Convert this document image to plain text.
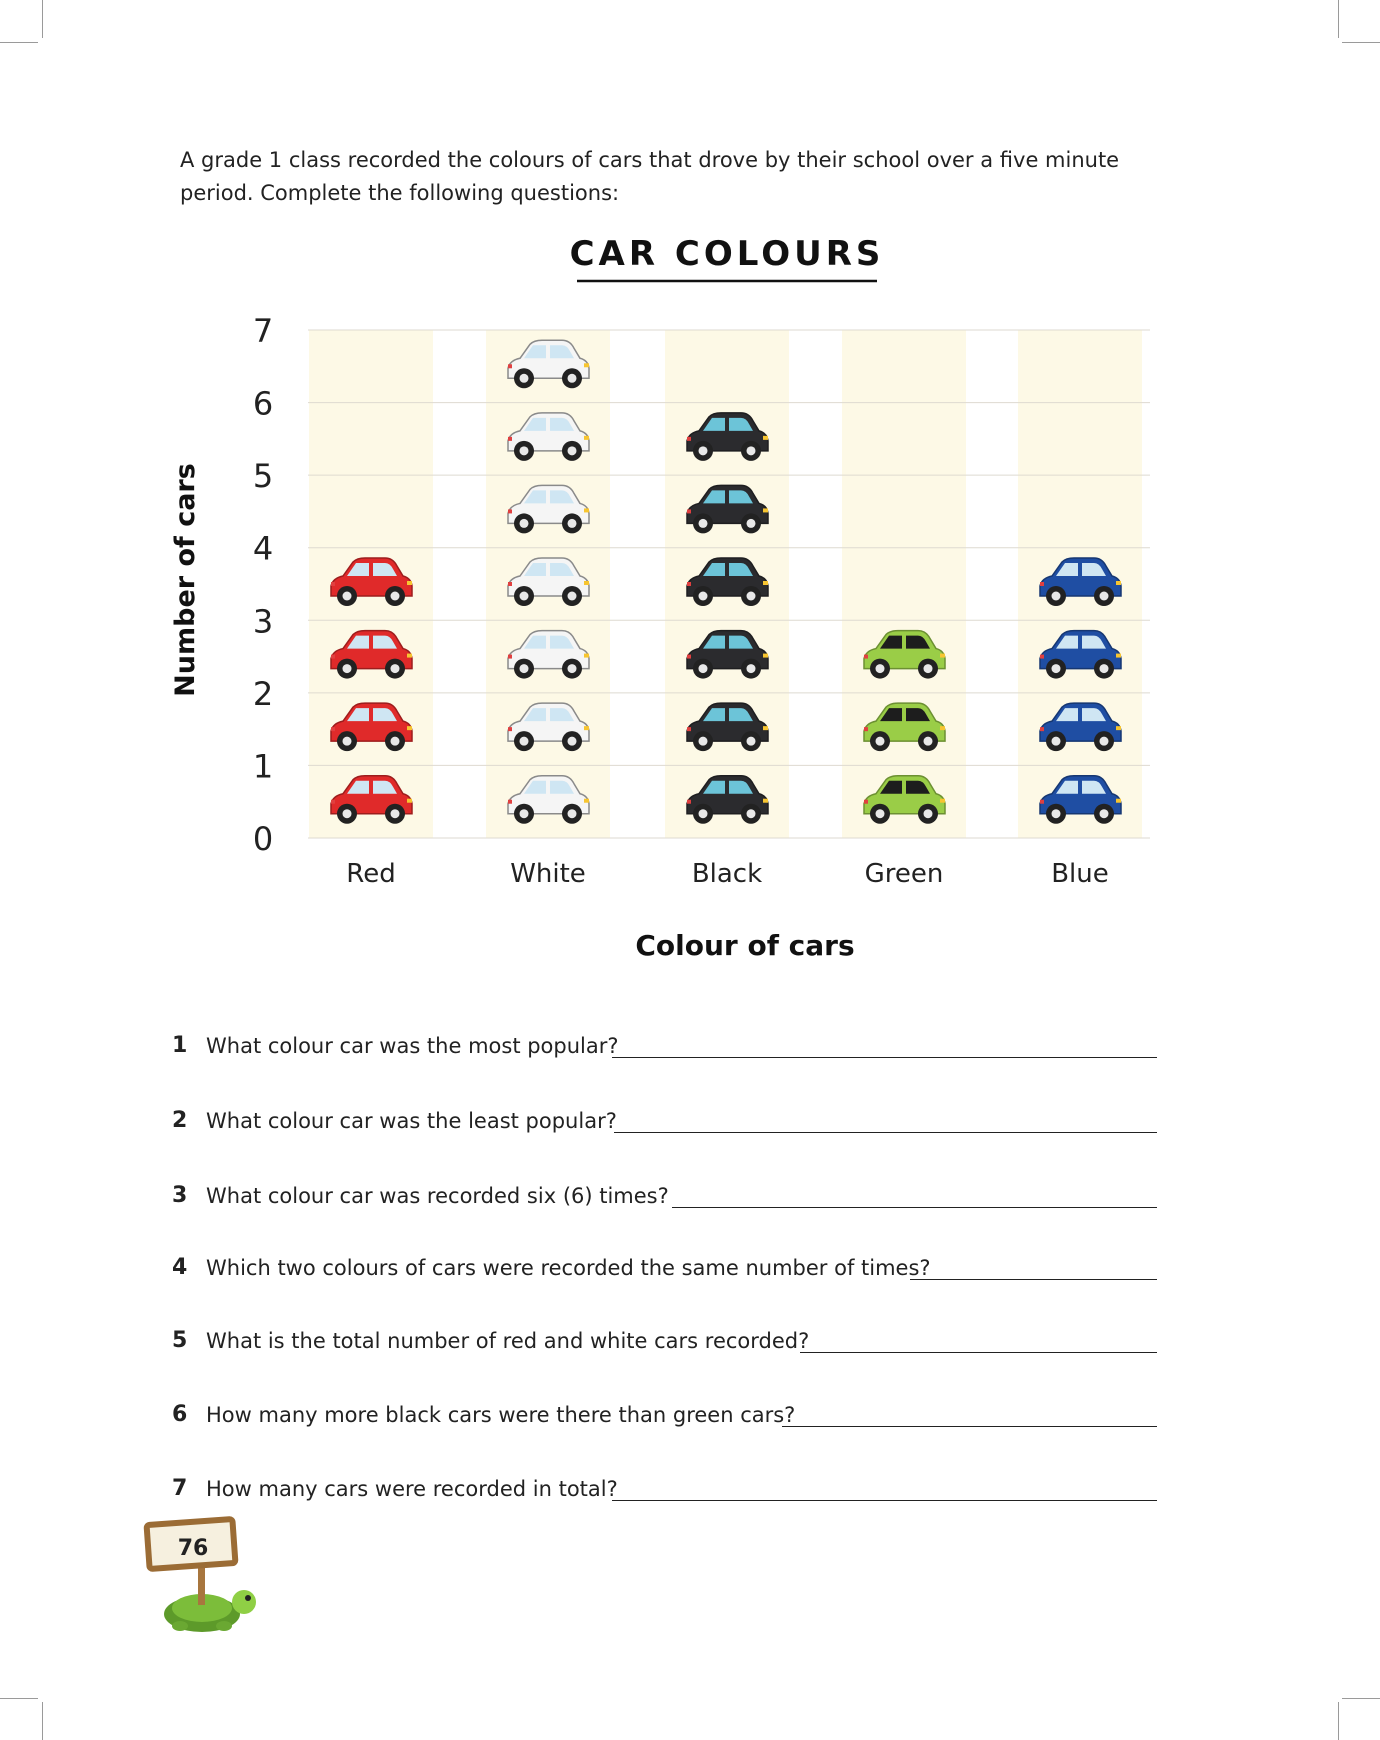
A grade 1 class recorded the colours of cars that drove by their school over a five minute
period. Complete the following questions:

0
1
2
3
4
5
6
7
Red	White	Black	Green	Blue
CAR COLOURS
Number of cars
Colour of cars
1 What colour car was the most popular?
2 What colour car was the least popular?
3 What colour car was recorded six (6) times?
4 Which two colours of cars were recorded the same number of times?
5 What is the total number of red and white cars recorded?
6 How many more black cars were there than green cars?
7 How many cars were recorded in total?
76
